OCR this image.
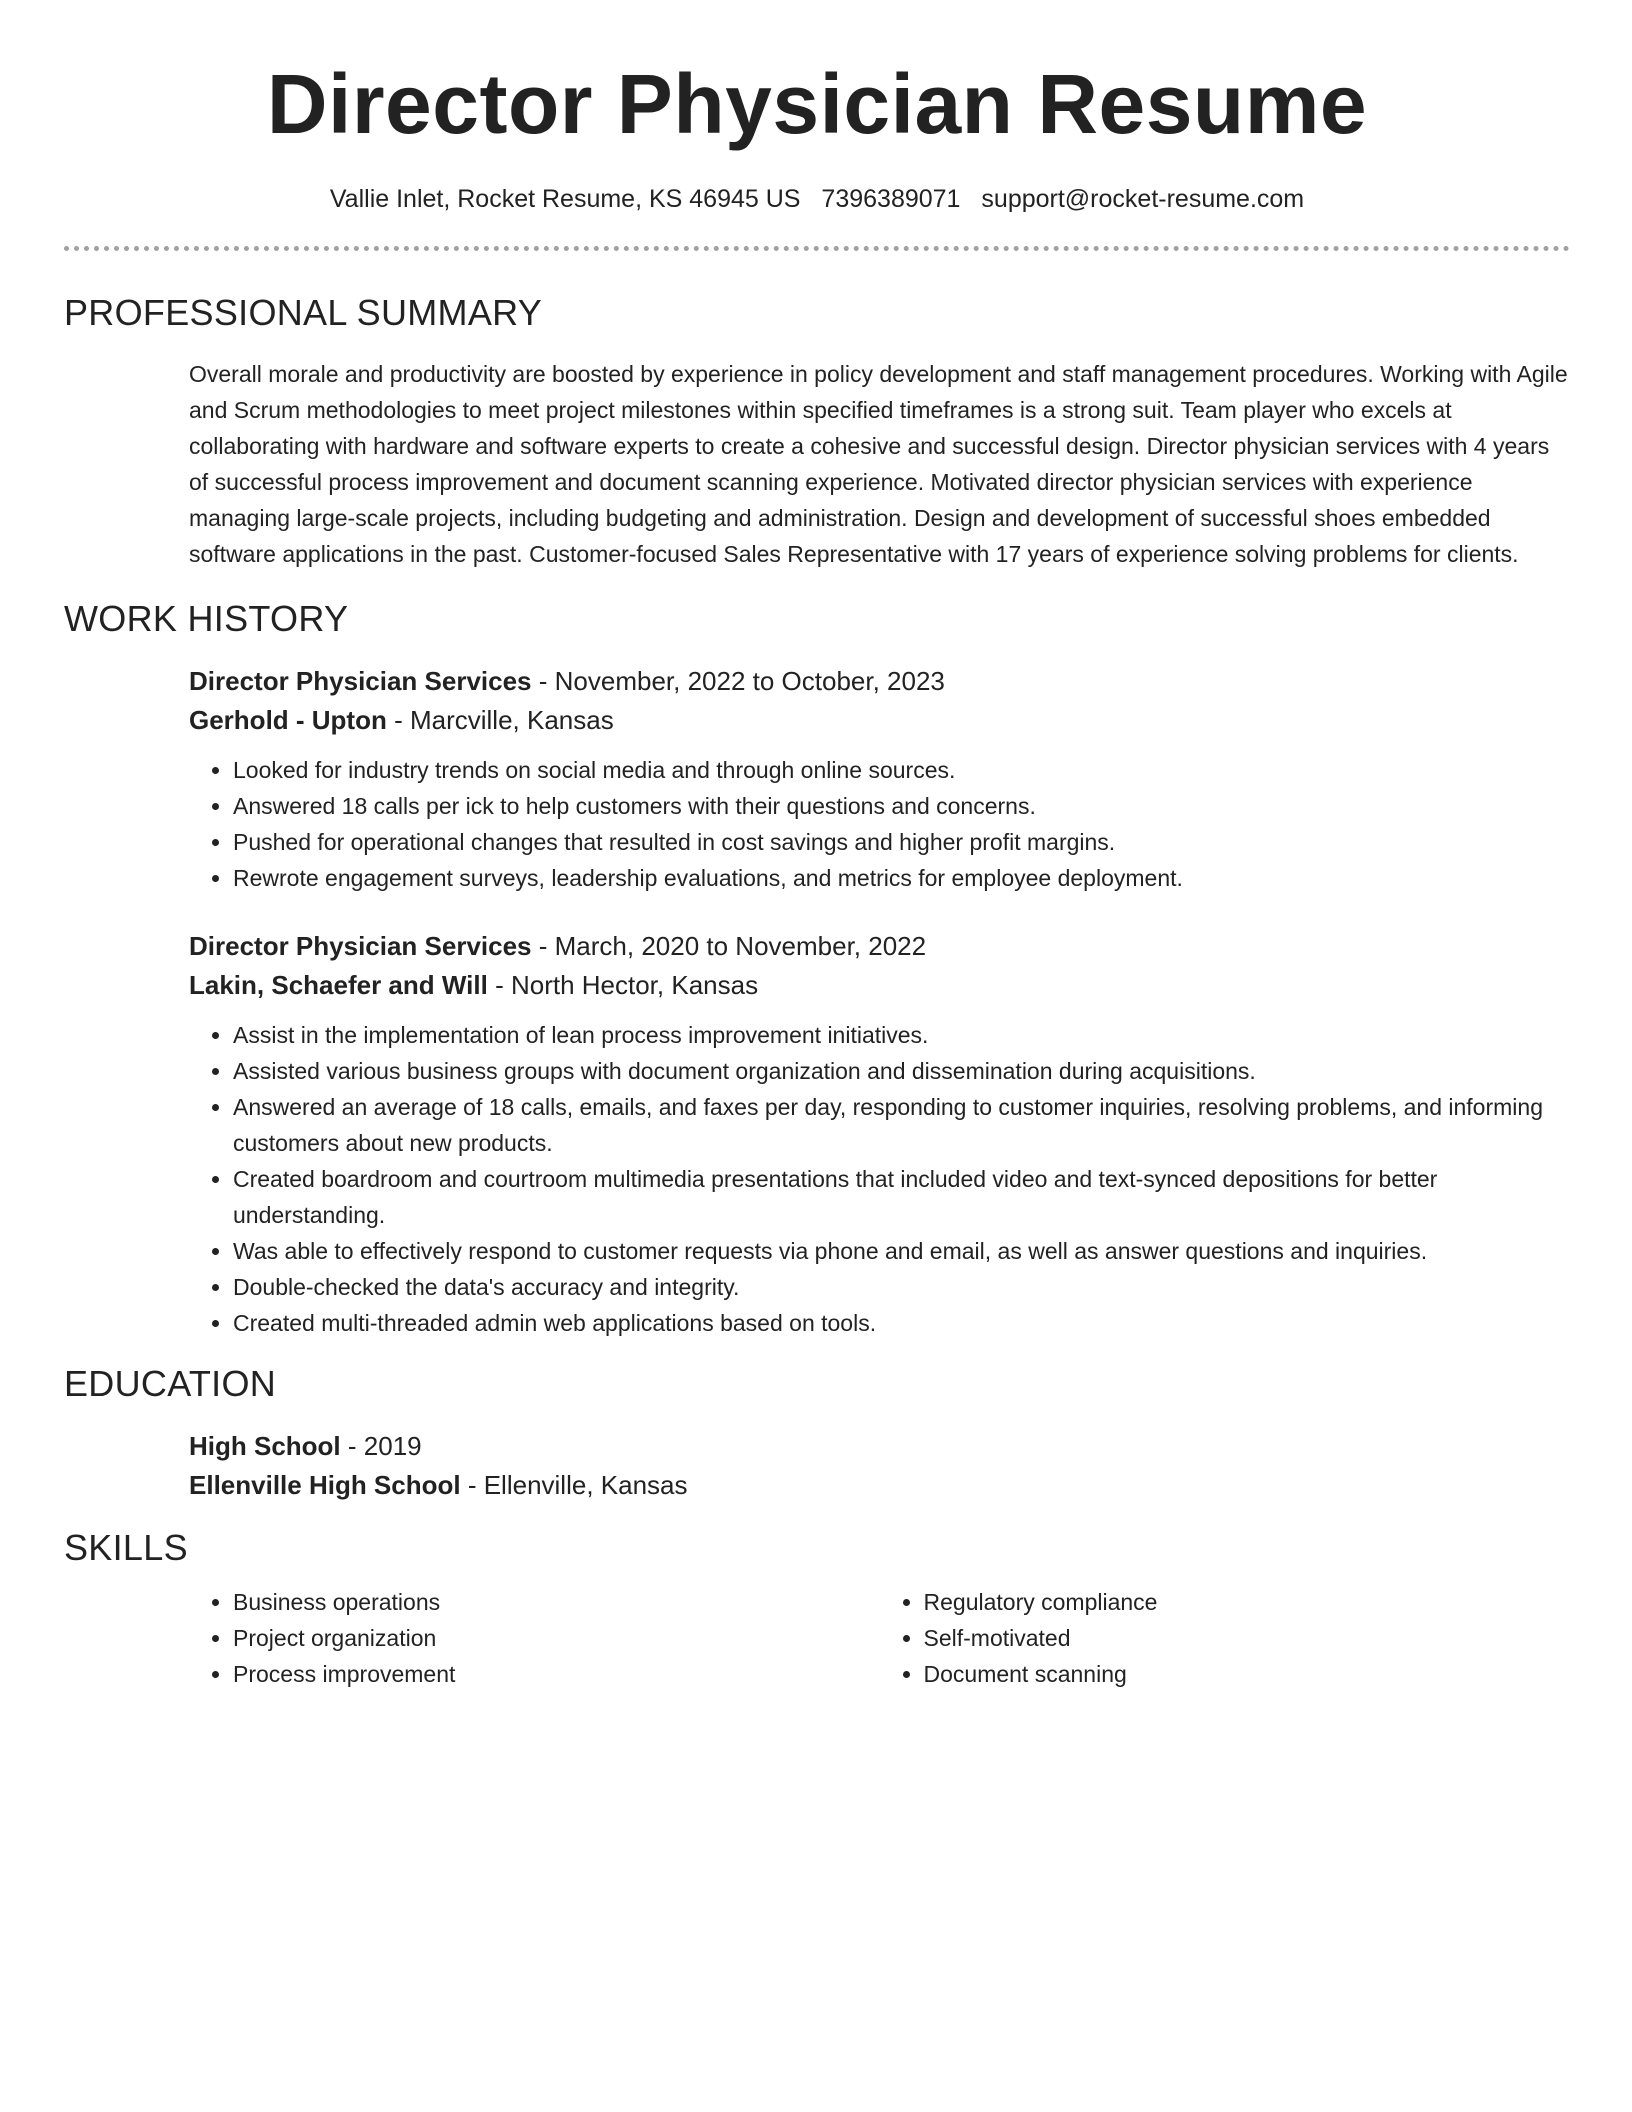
Director Physician Resume
Vallie Inlet, Rocket Resume, KS 46945 US 7396389071 support@rocket-resume.com
PROFESSIONAL SUMMARY

Overall morale and productivity are boosted by experience in policy development and staff management procedures. Working with Agile and Scrum methodologies to meet project milestones within specified timeframes is a strong suit. Team player who excels at collaborating with hardware and software experts to create a cohesive and successful design. Director physician services with 4 years of successful process improvement and document scanning experience. Motivated director physician services with experience managing large-scale projects, including budgeting and administration. Design and development of successful shoes embedded software applications in the past. Customer-focused Sales Representative with 17 years of experience solving problems for clients.

WORK HISTORY

Director Physician Services - November, 2022 to October, 2023

Gerhold - Upton - Marcville, Kansas

• Looked for industry trends on social media and through online sources.
• Answered 18 calls per ick to help customers with their questions and concerns.
• Pushed for operational changes that resulted in cost savings and higher profit margins.
• Rewrote engagement surveys, leadership evaluations, and metrics for employee deployment.

Director Physician Services - March, 2020 to November, 2022

Lakin, Schaefer and Will - North Hector, Kansas

• Assist in the implementation of lean process improvement initiatives.
• Assisted various business groups with document organization and dissemination during acquisitions.
• Answered an average of 18 calls, emails, and faxes per day, responding to customer inquiries, resolving problems, and informing customers about new products.
• Created boardroom and courtroom multimedia presentations that included video and text-synced depositions for better understanding.
• Was able to effectively respond to customer requests via phone and email, as well as answer questions and inquiries.
• Double-checked the data's accuracy and integrity.
• Created multi-threaded admin web applications based on tools.
EDUCATION

High School - 2019

Ellenville High School - Ellenville, Kansas

SKILLS
• Business operations
• Project organization
• Process improvement
• Regulatory compliance
• Self-motivated
• Document scanning
